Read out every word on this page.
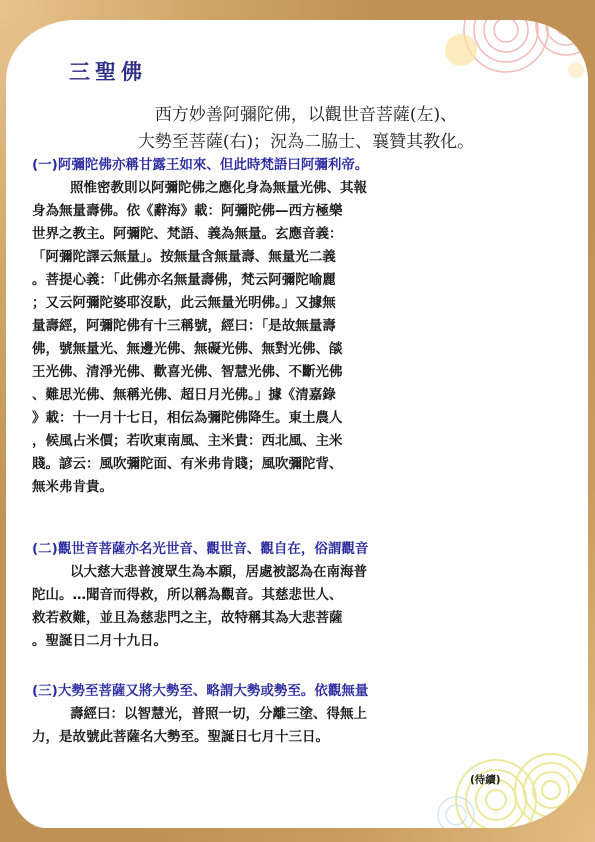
三聖佛

西方妙善阿彌陀佛，以觀世音菩薩(左)、
大勢至菩薩(右)；況為二脇士、襄贊其教化。

(一)阿彌陀佛亦稱甘露王如來、但此時梵語曰阿彌利帝。
照惟密教則以阿彌陀佛之應化身為無量光佛、其報
身為無量壽佛。依《辭海》載：阿彌陀佛—西方極樂
世界之教主。阿彌陀、梵語、義為無量。玄應音義：
「阿彌陀譯云無量」。按無量含無量壽、無量光二義
。菩提心義：「此佛亦名無量壽佛，梵云阿彌陀喻麗
；又云阿彌陀婆耶沒馱，此云無量光明佛。」又據無
量壽經，阿彌陀佛有十三稱號，經曰：「是故無量壽
佛，號無量光、無邊光佛、無礙光佛、無對光佛、燄
王光佛、清淨光佛、歡喜光佛、智慧光佛、不斷光佛
、難思光佛、無稱光佛、超日月光佛。」據《清嘉錄
》載：十一月十七日，相伝為彌陀佛降生。東土農人
，候風占米價；若吹東南風、主米貴：西北風、主米
賤。諺云：風吹彌陀面、有米弗肯賤；風吹彌陀背、
無米弗肯貴。
(二)觀世音菩薩亦名光世音、觀世音、觀自在，俗謂觀音
以大慈大悲普渡眾生為本願，居處被認為在南海普
陀山。…聞音而得救，所以稱為觀音。其慈悲世人、
救若救難，並且為慈悲門之主，故特稱其為大悲菩薩
。聖誕日二月十九日。
(三)大勢至菩薩又將大勢至、略謂大勢或勢至。依觀無量
壽經曰：以智慧光，普照一切，分離三塗、得無上
力，是故號此菩薩名大勢至。聖誕日七月十三日。
(待續)
